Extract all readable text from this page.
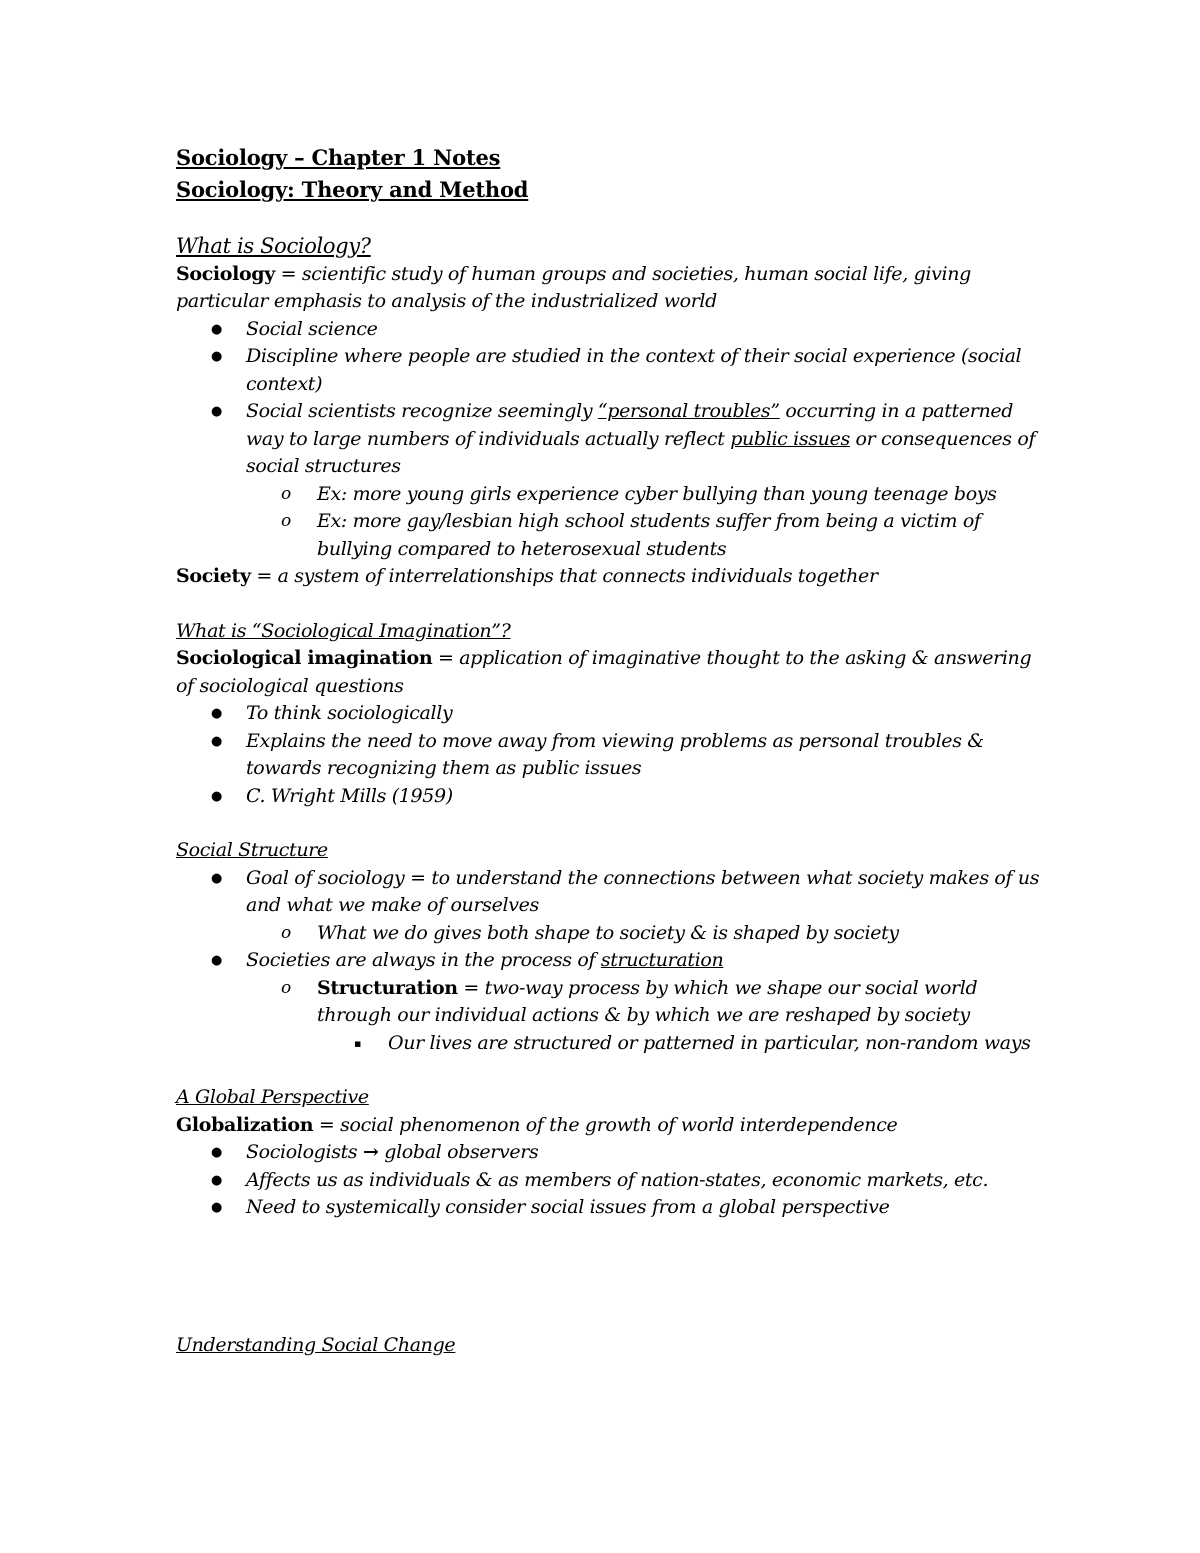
Sociology – Chapter 1 Notes
Sociology: Theory and Method
What is Sociology?
Sociology = scientific study of human groups and societies, human social life, giving particular emphasis to analysis of the industrialized world
● Social science
● Discipline where people are studied in the context of their social experience (social context)
● Social scientists recognize seemingly “personal troubles” occurring in a patterned way to large numbers of individuals actually reflect public issues or consequences of social structures
o Ex: more young girls experience cyber bullying than young teenage boys
o Ex: more gay/lesbian high school students suffer from being a victim of bullying compared to heterosexual students
Society = a system of interrelationships that connects individuals together
What is “Sociological Imagination”?
Sociological imagination = application of imaginative thought to the asking & answering of sociological questions
● To think sociologically
● Explains the need to move away from viewing problems as personal troubles & towards recognizing them as public issues
● C. Wright Mills (1959)
Social Structure
● Goal of sociology = to understand the connections between what society makes of us and what we make of ourselves
o What we do gives both shape to society & is shaped by society
● Societies are always in the process of structuration
o Structuration = two-way process by which we shape our social world through our individual actions & by which we are reshaped by society
▪ Our lives are structured or patterned in particular, non-random ways
A Global Perspective
Globalization = social phenomenon of the growth of world interdependence
● Sociologists → global observers
● Affects us as individuals & as members of nation-states, economic markets, etc.
● Need to systemically consider social issues from a global perspective
Understanding Social Change
